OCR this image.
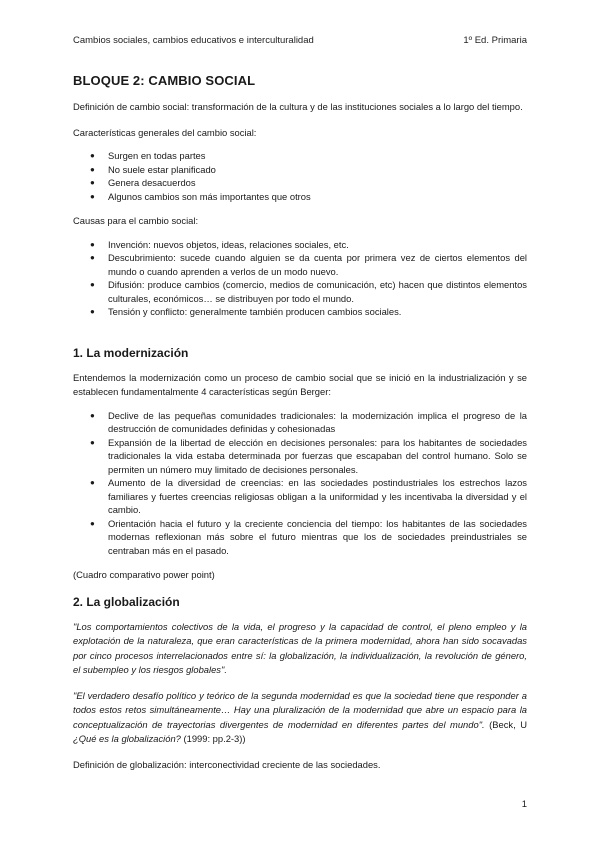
Cambios sociales, cambios educativos e interculturalidad	1º Ed. Primaria
BLOQUE 2: CAMBIO SOCIAL

Definición de cambio social: transformación de la cultura y de las instituciones sociales a lo largo del tiempo.

Características generales del cambio social:

● Surgen en todas partes
● No suele estar planificado
● Genera desacuerdos
● Algunos cambios son más importantes que otros

Causas para el cambio social:

● Invención: nuevos objetos, ideas, relaciones sociales, etc.
● Descubrimiento: sucede cuando alguien se da cuenta por primera vez de ciertos elementos del mundo o cuando aprenden a verlos de un modo nuevo.
● Difusión: produce cambios (comercio, medios de comunicación, etc) hacen que distintos elementos culturales, económicos… se distribuyen por todo el mundo.
● Tensión y conflicto: generalmente también producen cambios sociales.
1. La modernización

Entendemos la modernización como un proceso de cambio social que se inició en la industrialización y se establecen fundamentalmente 4 características según Berger:

● Declive de las pequeñas comunidades tradicionales: la modernización implica el progreso de la destrucción de comunidades definidas y cohesionadas
● Expansión de la libertad de elección en decisiones personales: para los habitantes de sociedades tradicionales la vida estaba determinada por fuerzas que escapaban del control humano. Solo se permiten un número muy limitado de decisiones personales.
● Aumento de la diversidad de creencias: en las sociedades postindustriales los estrechos lazos familiares y fuertes creencias religiosas obligan a la uniformidad y les incentivaba la diversidad y el cambio.
● Orientación hacia el futuro y la creciente conciencia del tiempo: los habitantes de las sociedades modernas reflexionan más sobre el futuro mientras que los de sociedades preindustriales se centraban más en el pasado.

(Cuadro comparativo power point)

2. La globalización

"Los comportamientos colectivos de la vida, el progreso y la capacidad de control, el pleno empleo y la explotación de la naturaleza, que eran características de la primera modernidad, ahora han sido socavadas por cinco procesos interrelacionados entre sí: la globalización, la individualización, la revolución de género, el subempleo y los riesgos globales".

"El verdadero desafío político y teórico de la segunda modernidad es que la sociedad tiene que responder a todos estos retos simultáneamente… Hay una pluralización de la modernidad que abre un espacio para la conceptualización de trayectorias divergentes de modernidad en diferentes partes del mundo". (Beck, U ¿Qué es la globalización? (1999: pp.2-3))

Definición de globalización: interconectividad creciente de las sociedades.

1
